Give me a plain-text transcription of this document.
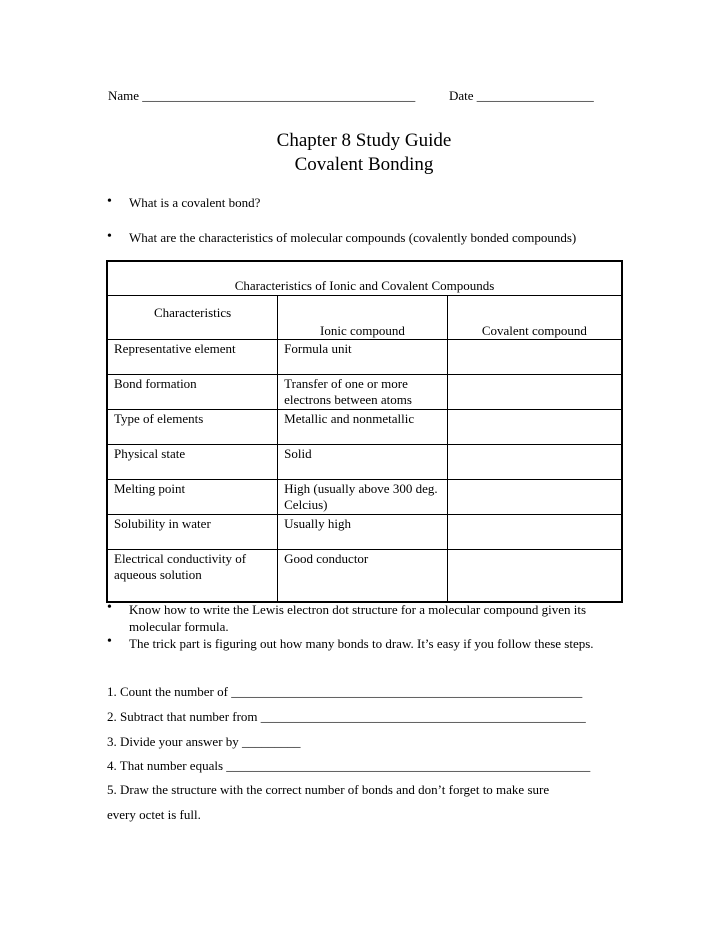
Name __________________________________________	Date __________________
Chapter 8 Study Guide
Covalent Bonding
• What is a covalent bond?
• What are the characteristics of molecular compounds (covalently bonded compounds)
Characteristics of Ionic and Covalent Compounds		
Characteristics	Ionic compound	Covalent compound
Representative element	Formula unit	
Bond formation	Transfer of one or more electrons between atoms	
Type of elements	Metallic and nonmetallic	
Physical state	Solid	
Melting point	High (usually above 300 deg. Celcius)	
Solubility in water	Usually high	
Electrical conductivity of aqueous solution	Good conductor	
• Know how to write the Lewis electron dot structure for a molecular compound given its molecular formula.
• The trick part is figuring out how many bonds to draw. It’s easy if you follow these steps.
1. Count the number of ______________________________________________________
2. Subtract that number from __________________________________________________
3. Divide your answer by _________
4. That number equals ________________________________________________________
5. Draw the structure with the correct number of bonds and don’t forget to make sure
every octet is full.
